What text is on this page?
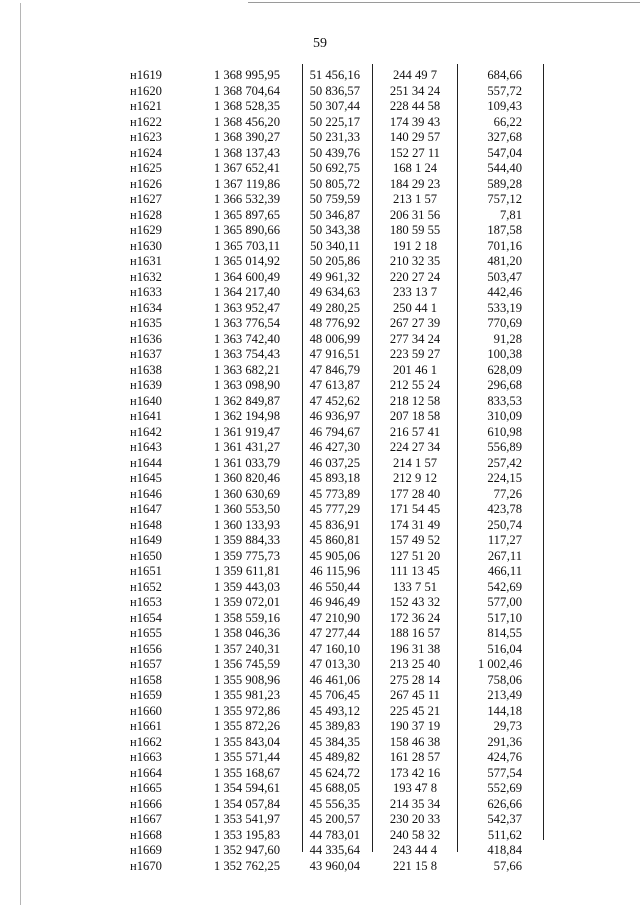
59
н1619	1 368 995,95	51 456,16	244 49 7	684,66
н1620	1 368 704,64	50 836,57	251 34 24	557,72
н1621	1 368 528,35	50 307,44	228 44 58	109,43
н1622	1 368 456,20	50 225,17	174 39 43	66,22
н1623	1 368 390,27	50 231,33	140 29 57	327,68
н1624	1 368 137,43	50 439,76	152 27 11	547,04
н1625	1 367 652,41	50 692,75	168 1 24	544,40
н1626	1 367 119,86	50 805,72	184 29 23	589,28
н1627	1 366 532,39	50 759,59	213 1 57	757,12
н1628	1 365 897,65	50 346,87	206 31 56	7,81
н1629	1 365 890,66	50 343,38	180 59 55	187,58
н1630	1 365 703,11	50 340,11	191 2 18	701,16
н1631	1 365 014,92	50 205,86	210 32 35	481,20
н1632	1 364 600,49	49 961,32	220 27 24	503,47
н1633	1 364 217,40	49 634,63	233 13 7	442,46
н1634	1 363 952,47	49 280,25	250 44 1	533,19
н1635	1 363 776,54	48 776,92	267 27 39	770,69
н1636	1 363 742,40	48 006,99	277 34 24	91,28
н1637	1 363 754,43	47 916,51	223 59 27	100,38
н1638	1 363 682,21	47 846,79	201 46 1	628,09
н1639	1 363 098,90	47 613,87	212 55 24	296,68
н1640	1 362 849,87	47 452,62	218 12 58	833,53
н1641	1 362 194,98	46 936,97	207 18 58	310,09
н1642	1 361 919,47	46 794,67	216 57 41	610,98
н1643	1 361 431,27	46 427,30	224 27 34	556,89
н1644	1 361 033,79	46 037,25	214 1 57	257,42
н1645	1 360 820,46	45 893,18	212 9 12	224,15
н1646	1 360 630,69	45 773,89	177 28 40	77,26
н1647	1 360 553,50	45 777,29	171 54 45	423,78
н1648	1 360 133,93	45 836,91	174 31 49	250,74
н1649	1 359 884,33	45 860,81	157 49 52	117,27
н1650	1 359 775,73	45 905,06	127 51 20	267,11
н1651	1 359 611,81	46 115,96	111 13 45	466,11
н1652	1 359 443,03	46 550,44	133 7 51	542,69
н1653	1 359 072,01	46 946,49	152 43 32	577,00
н1654	1 358 559,16	47 210,90	172 36 24	517,10
н1655	1 358 046,36	47 277,44	188 16 57	814,55
н1656	1 357 240,31	47 160,10	196 31 38	516,04
н1657	1 356 745,59	47 013,30	213 25 40	1 002,46
н1658	1 355 908,96	46 461,06	275 28 14	758,06
н1659	1 355 981,23	45 706,45	267 45 11	213,49
н1660	1 355 972,86	45 493,12	225 45 21	144,18
н1661	1 355 872,26	45 389,83	190 37 19	29,73
н1662	1 355 843,04	45 384,35	158 46 38	291,36
н1663	1 355 571,44	45 489,82	161 28 57	424,76
н1664	1 355 168,67	45 624,72	173 42 16	577,54
н1665	1 354 594,61	45 688,05	193 47 8	552,69
н1666	1 354 057,84	45 556,35	214 35 34	626,66
н1667	1 353 541,97	45 200,57	230 20 33	542,37
н1668	1 353 195,83	44 783,01	240 58 32	511,62
н1669	1 352 947,60	44 335,64	243 44 4	418,84
н1670	1 352 762,25	43 960,04	221 15 8	57,66
